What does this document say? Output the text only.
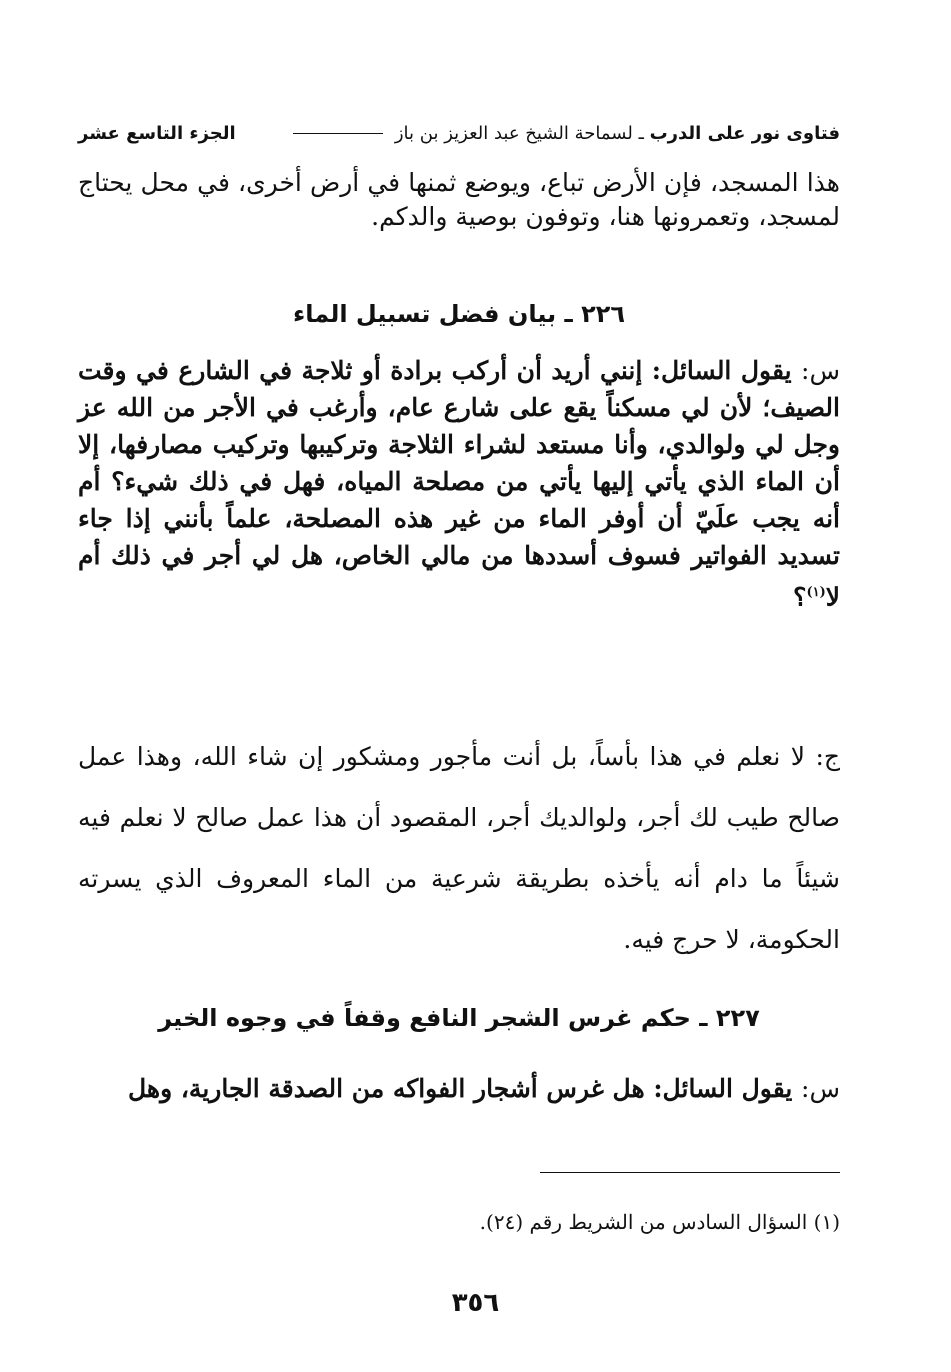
فتاوى نور على الدرب ـ لسماحة الشيخ عبد العزيز بن باز
الجزء التاسع عشر
هذا المسجد، فإن الأرض تباع، ويوضع ثمنها في أرض أخرى، في محل يحتاج لمسجد، وتعمرونها هنا، وتوفون بوصية والدكم.
٢٢٦ ـ بيان فضل تسبيل الماء
س: يقول السائل: إنني أريد أن أركب برادة أو ثلاجة في الشارع في وقت الصيف؛ لأن لي مسكناً يقع على شارع عام، وأرغب في الأجر من الله عز وجل لي ولوالدي، وأنا مستعد لشراء الثلاجة وتركيبها وتركيب مصارفها، إلا أن الماء الذي يأتي إليها يأتي من مصلحة المياه، فهل في ذلك شيء؟ أم أنه يجب علَيّ أن أوفر الماء من غير هذه المصلحة، علماً بأنني إذا جاء تسديد الفواتير فسوف أسددها من مالي الخاص، هل لي أجر في ذلك أم لا$^{(١)}$؟
ج: لا نعلم في هذا بأساً، بل أنت مأجور ومشكور إن شاء الله، وهذا عمل صالح طيب لك أجر، ولوالديك أجر، المقصود أن هذا عمل صالح لا نعلم فيه شيئاً ما دام أنه يأخذه بطريقة شرعية من الماء المعروف الذي يسرته الحكومة، لا حرج فيه.
٢٢٧ ـ حكم غرس الشجر النافع وقفاً في وجوه الخير
س: يقول السائل: هل غرس أشجار الفواكه من الصدقة الجارية، وهل
(١) السؤال السادس من الشريط رقم (٢٤).
٣٥٦
